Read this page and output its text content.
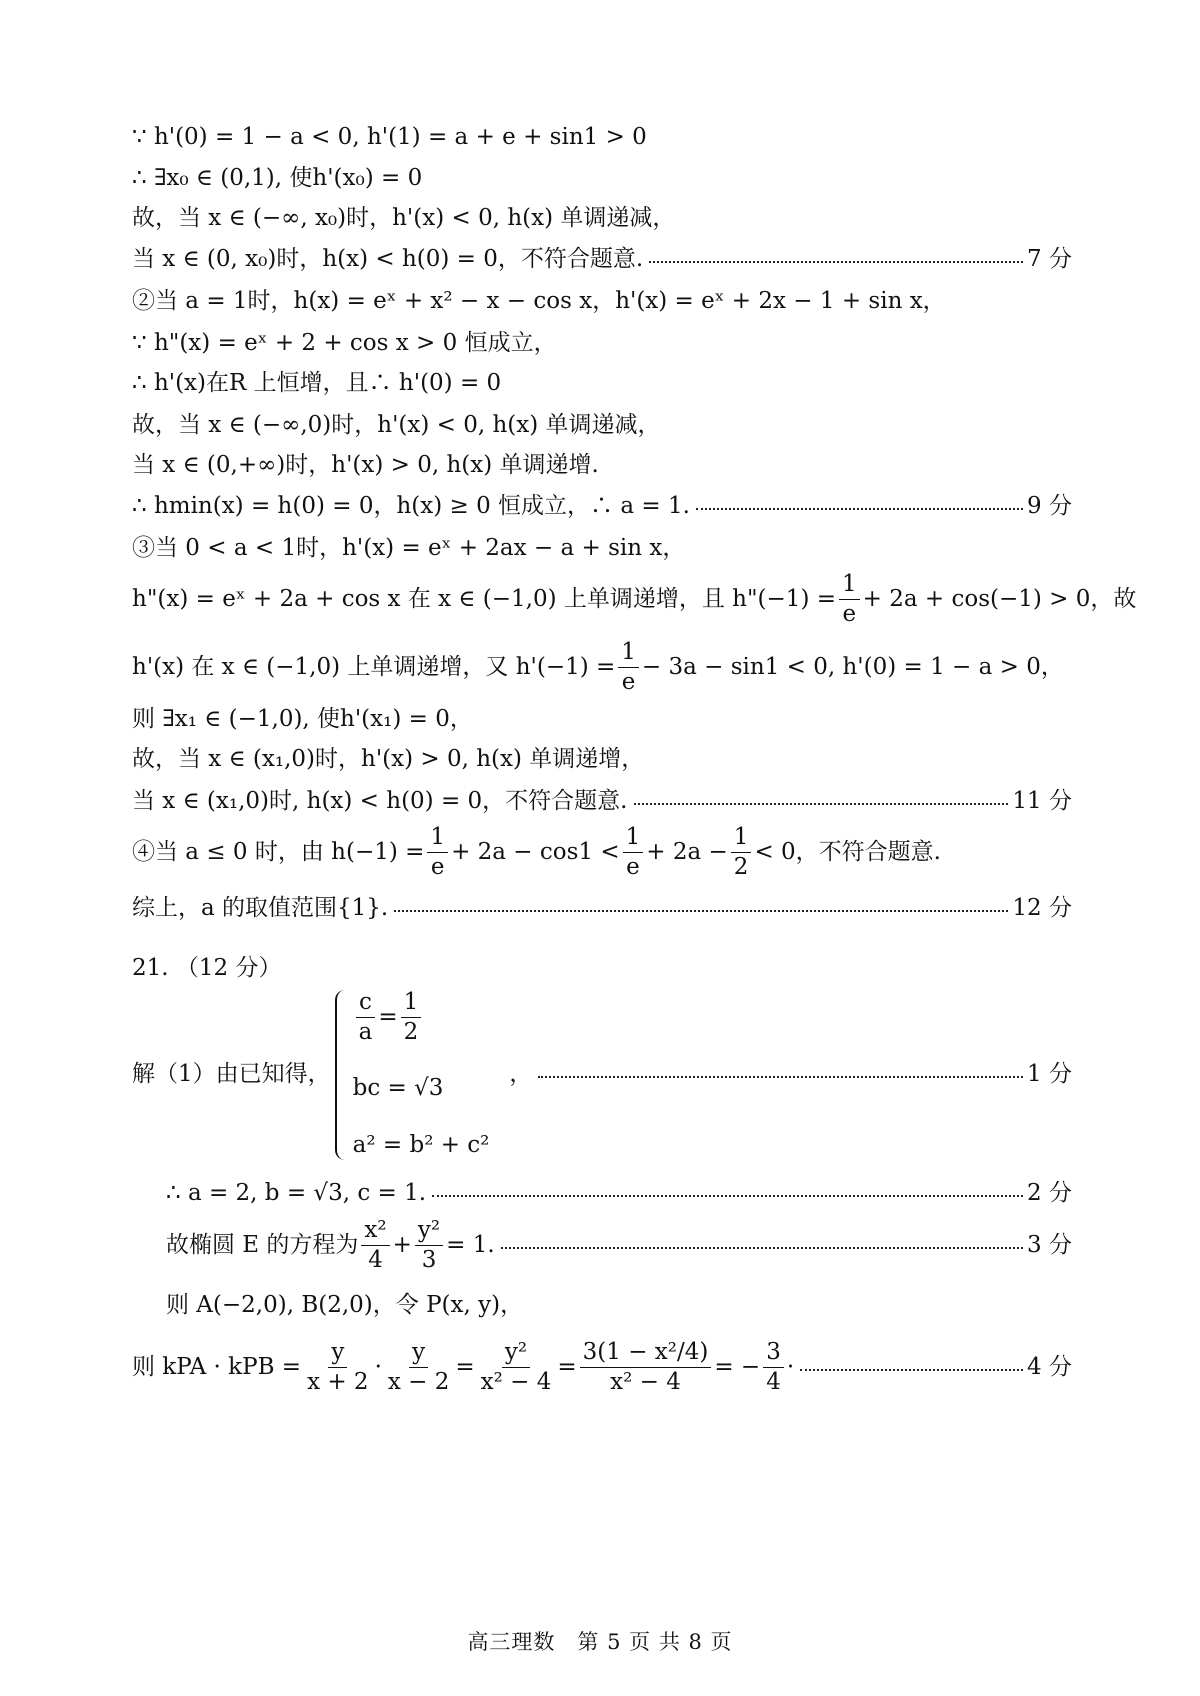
∵ h'(0) = 1 − a < 0, h'(1) = a + e + sin1 > 0
∴ ∃x₀ ∈ (0,1), 使h'(x₀) = 0
故，当 x ∈ (−∞, x₀)时，h'(x) < 0, h(x) 单调递减，
当 x ∈ (0, x₀)时，h(x) < h(0) = 0，不符合题意.	7 分
②当 a = 1时，h(x) = eˣ + x² − x − cos x，h'(x) = eˣ + 2x − 1 + sin x，
∵ h"(x) = eˣ + 2 + cos x > 0 恒成立，
∴ h'(x)在R 上恒增，且∴ h'(0) = 0
故，当 x ∈ (−∞,0)时，h'(x) < 0, h(x) 单调递减，
当 x ∈ (0,+∞)时，h'(x) > 0, h(x) 单调递增.
∴ hmin(x) = h(0) = 0，h(x) ≥ 0 恒成立，∴ a = 1.	9 分
③当 0 < a < 1时，h'(x) = eˣ + 2ax − a + sin x，
h"(x) = eˣ + 2a + cos x 在 x ∈ (−1,0) 上单调递增，且 h"(−1) = $\frac{1}{e} + 2a + \cos(-1) > 0$，故
h'(x) 在 x ∈ (−1,0) 上单调递增，又 $h'(-1) = \frac{1}{e} - 3a - \sin 1 < 0$, h'(0) = 1 − a > 0，
则 ∃x₁ ∈ (−1,0), 使h'(x₁) = 0，
故，当 x ∈ (x₁,0)时，h'(x) > 0, h(x) 单调递增，
当 x ∈ (x₁,0)时, h(x) < h(0) = 0，不符合题意.	11 分
④当 a ≤ 0 时，由 $h(-1) = \frac{1}{e} + 2a - \cos 1 < \frac{1}{e} + 2a - \frac{1}{2} < 0$，不符合题意.
综上，a 的取值范围{1}.	12 分
21. （12 分）
解（1）由已知得，
$\frac{c}{a} = \frac{1}{2}$
bc = √3
a² = b² + c²
，	1 分
∴ a = 2, b = √3, c = 1.	2 分
故椭圆 E 的方程为 $\frac{\text{x²}}{4} + \frac{\text{y²}}{3} = 1$.	3 分
则 A(−2,0), B(2,0)，令 P(x, y)，
则 kPA · kPB = $\frac{y}{x + 2} \cdot \frac{y}{x - 2} = \frac{\text{y²}}{\text{x² − 4}} = \frac{\text{3(1 − x²/4)}}{\text{x² − 4}}$ = − $\frac{3}{4}$ ·	4 分
高三理数　第 5 页 共 8 页
